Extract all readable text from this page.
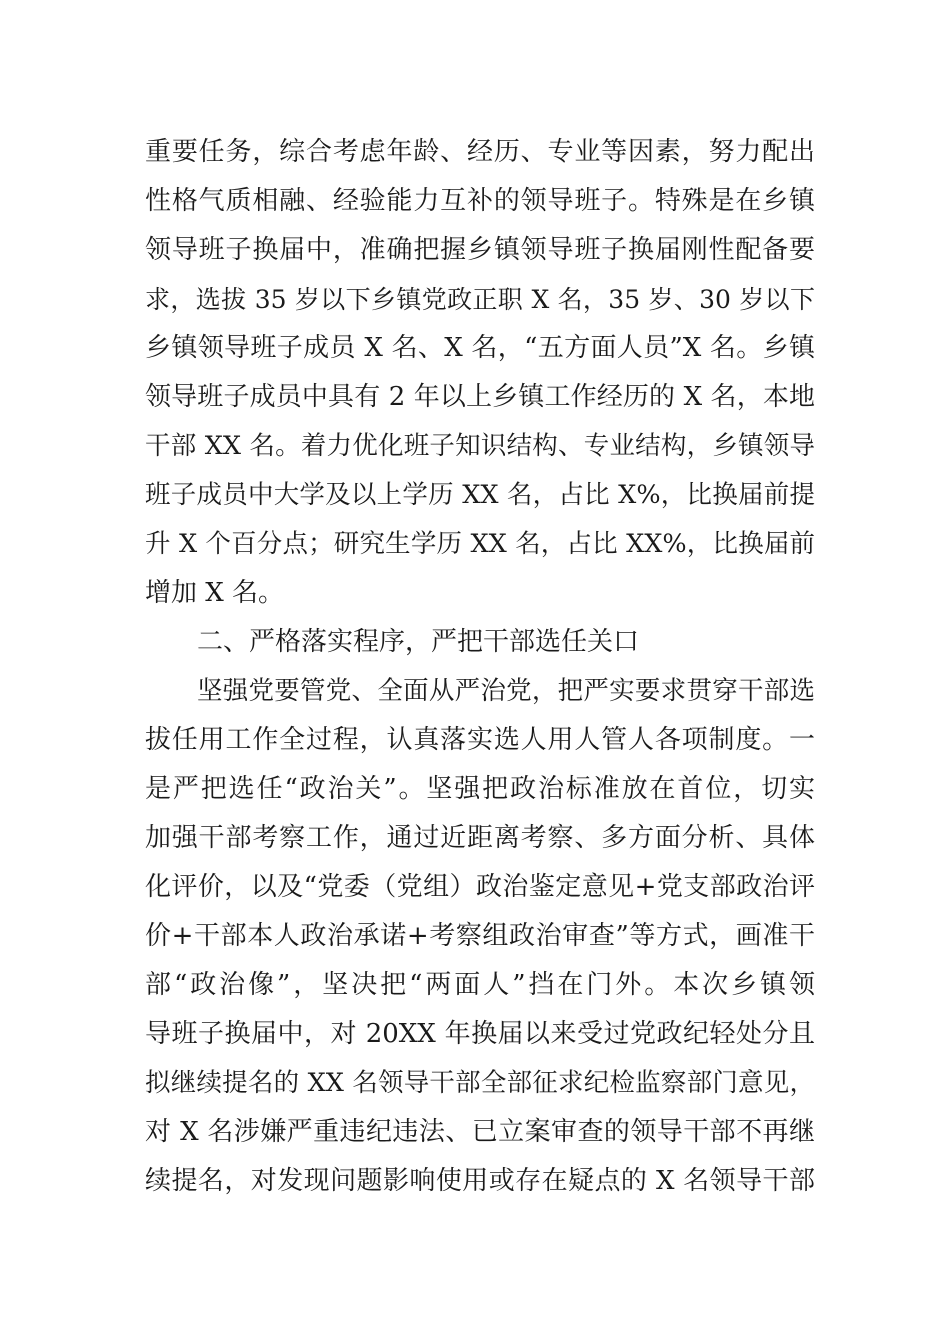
重要任务，综合考虑年龄、经历、专业等因素，努力配出
性格气质相融、经验能力互补的领导班子。特殊是在乡镇
领导班子换届中，准确把握乡镇领导班子换届刚性配备要
求，选拔 35 岁以下乡镇党政正职 X 名，35 岁、30 岁以下
乡镇领导班子成员 X 名、X 名，“五方面人员”X 名。乡镇
领导班子成员中具有 2 年以上乡镇工作经历的 X 名，本地
干部 XX 名。着力优化班子知识结构、专业结构，乡镇领导
班子成员中大学及以上学历 XX 名，占比 X%，比换届前提
升 X 个百分点；研究生学历 XX 名，占比 XX%，比换届前
增加 X 名。
二、严格落实程序，严把干部选任关口
坚强党要管党、全面从严治党，把严实要求贯穿干部选
拔任用工作全过程，认真落实选人用人管人各项制度。一
是严把选任“政治关”。坚强把政治标准放在首位，切实
加强干部考察工作，通过近距离考察、多方面分析、具体
化评价，以及“党委（党组）政治鉴定意见+党支部政治评
价+干部本人政治承诺+考察组政治审查”等方式，画准干
部“政治像”，坚决把“两面人”挡在门外。本次乡镇领
导班子换届中，对 20XX 年换届以来受过党政纪轻处分且
拟继续提名的 XX 名领导干部全部征求纪检监察部门意见，
对 X 名涉嫌严重违纪违法、已立案审查的领导干部不再继
续提名，对发现问题影响使用或存在疑点的 X 名领导干部
